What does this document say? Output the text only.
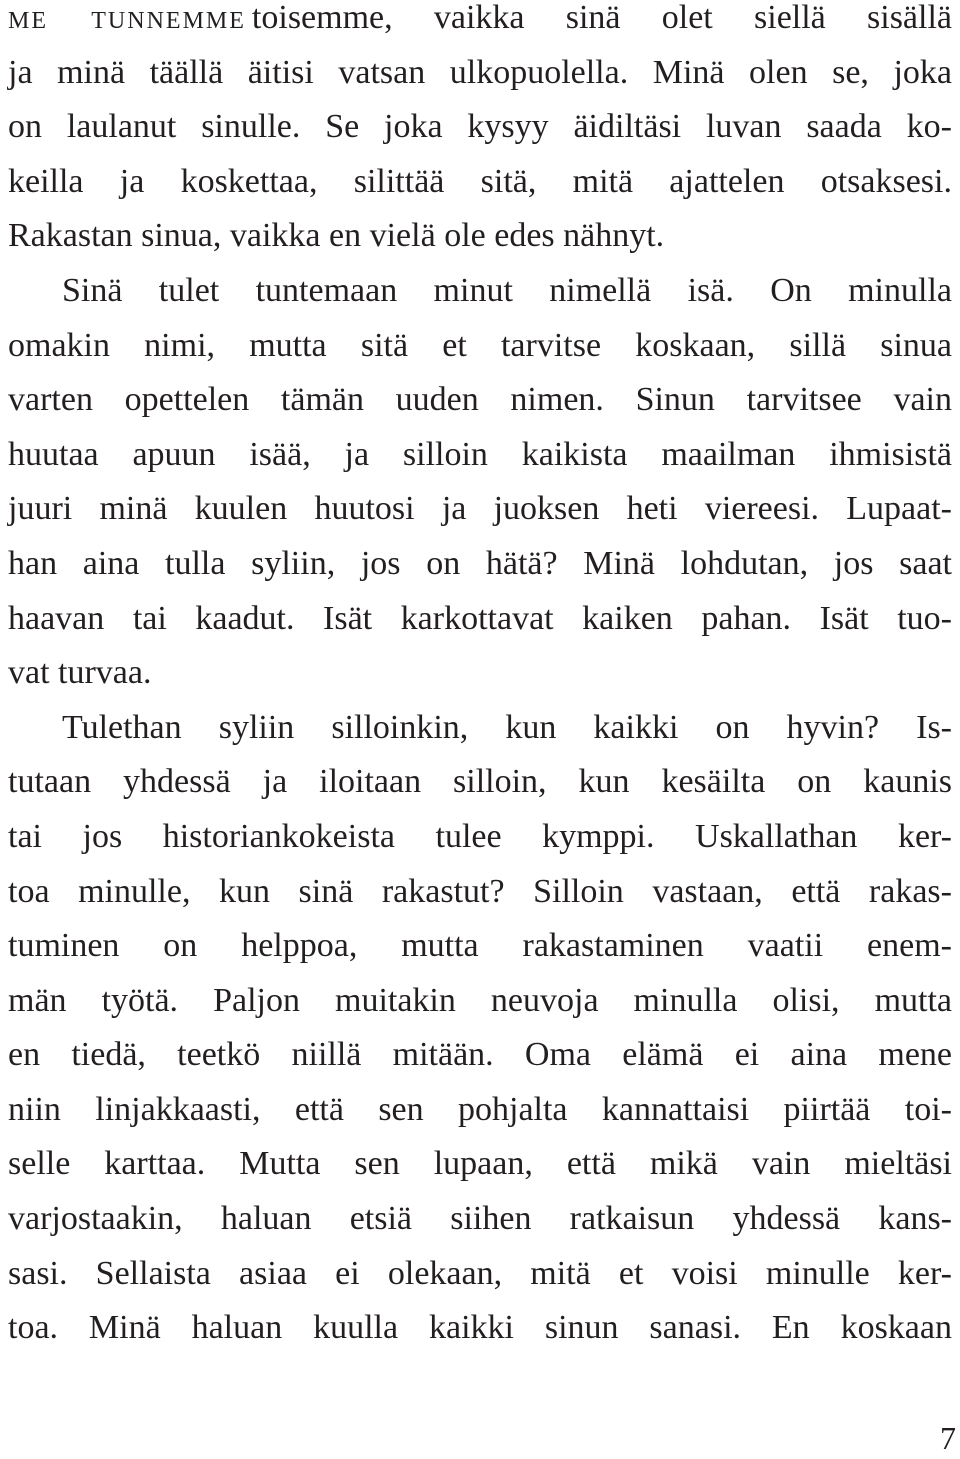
me tunnemme toisemme, vaikka sinä olet siellä sisällä
ja minä täällä äitisi vatsan ulkopuolella. Minä olen se, joka
on laulanut sinulle. Se joka kysyy äidiltäsi luvan saada ko-
keilla ja koskettaa, silittää sitä, mitä ajattelen otsaksesi.
Rakastan sinua, vaikka en vielä ole edes nähnyt.
Sinä tulet tuntemaan minut nimellä isä. On minulla
omakin nimi, mutta sitä et tarvitse koskaan, sillä sinua
varten opettelen tämän uuden nimen. Sinun tarvitsee vain
huutaa apuun isää, ja silloin kaikista maailman ihmisistä
juuri minä kuulen huutosi ja juoksen heti viereesi. Lupaat-
han aina tulla syliin, jos on hätä? Minä lohdutan, jos saat
haavan tai kaadut. Isät karkottavat kaiken pahan. Isät tuo-
vat turvaa.
Tulethan syliin silloinkin, kun kaikki on hyvin? Is-
tutaan yhdessä ja iloitaan silloin, kun kesäilta on kaunis
tai jos historiankokeista tulee kymppi. Uskallathan ker-
toa minulle, kun sinä rakastut? Silloin vastaan, että rakas-
tuminen on helppoa, mutta rakastaminen vaatii enem-
män työtä. Paljon muitakin neuvoja minulla olisi, mutta
en tiedä, teetkö niillä mitään. Oma elämä ei aina mene
niin linjakkaasti, että sen pohjalta kannattaisi piirtää toi-
selle karttaa. Mutta sen lupaan, että mikä vain mieltäsi
varjostaakin, haluan etsiä siihen ratkaisun yhdessä kans-
sasi. Sellaista asiaa ei olekaan, mitä et voisi minulle ker-
toa. Minä haluan kuulla kaikki sinun sanasi. En koskaan
7
